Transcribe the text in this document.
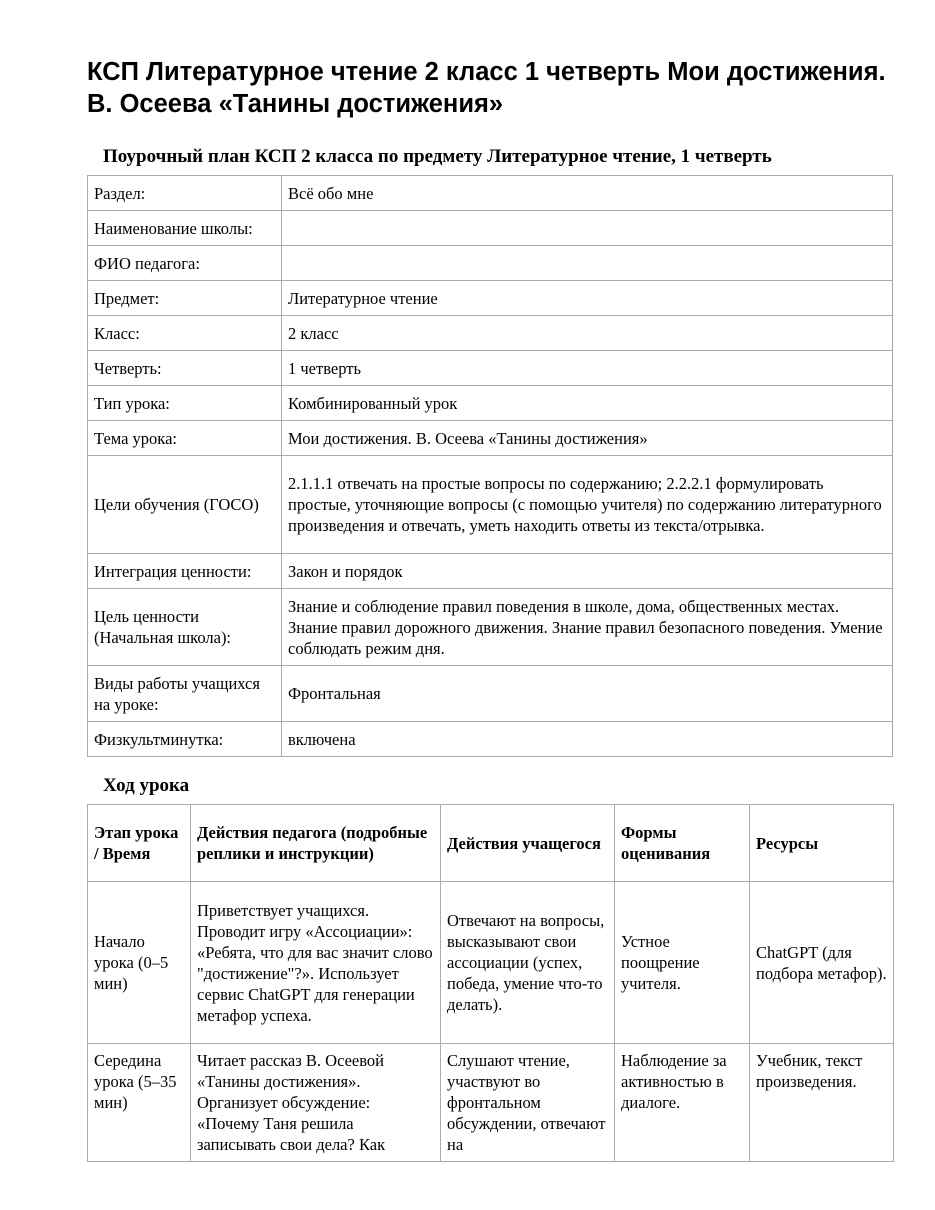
КСП Литературное чтение 2 класс 1 четверть Мои достижения. В. Осеева «Танины достижения»
Поурочный план КСП 2 класса по предмету Литературное чтение, 1 четверть
Раздел:	Всё обо мне
Наименование школы:	
ФИО педагога:	
Предмет:	Литературное чтение
Класс:	2 класс
Четверть:	1 четверть
Тип урока:	Комбинированный урок
Тема урока:	Мои достижения. В. Осеева «Танины достижения»
Цели обучения (ГОСО)	2.1.1.1 отвечать на простые вопросы по содержанию; 2.2.2.1 формулировать простые, уточняющие вопросы (с помощью учителя) по содержанию литературного произведения и отвечать, уметь находить ответы из текста/отрывка.
Интеграция ценности:	Закон и порядок
Цель ценности (Начальная школа):	Знание и соблюдение правил поведения в школе, дома, общественных местах. Знание правил дорожного движения. Знание правил безопасного поведения. Умение соблюдать режим дня.
Виды работы учащихся на уроке:	Фронтальная
Физкультминутка:	включена
Ход урока
Этап урока / Время	Действия педагога (подробные реплики и инструкции)	Действия учащегося	Формы оценивания	Ресурсы
Начало урока (0–5 мин)	Приветствует учащихся. Проводит игру «Ассоциации»: «Ребята, что для вас значит слово "достижение"?». Использует сервис ChatGPT для генерации метафор успеха.	Отвечают на вопросы, высказывают свои ассоциации (успех, победа, умение что-то делать).	Устное поощрение учителя.	ChatGPT (для подбора метафор).
Середина урока (5–35 мин)	Читает рассказ В. Осеевой «Танины достижения». Организует обсуждение: «Почему Таня решила записывать свои дела? Как	Слушают чтение, участвуют во фронтальном обсуждении, отвечают на	Наблюдение за активностью в диалоге.	Учебник, текст произведения.
